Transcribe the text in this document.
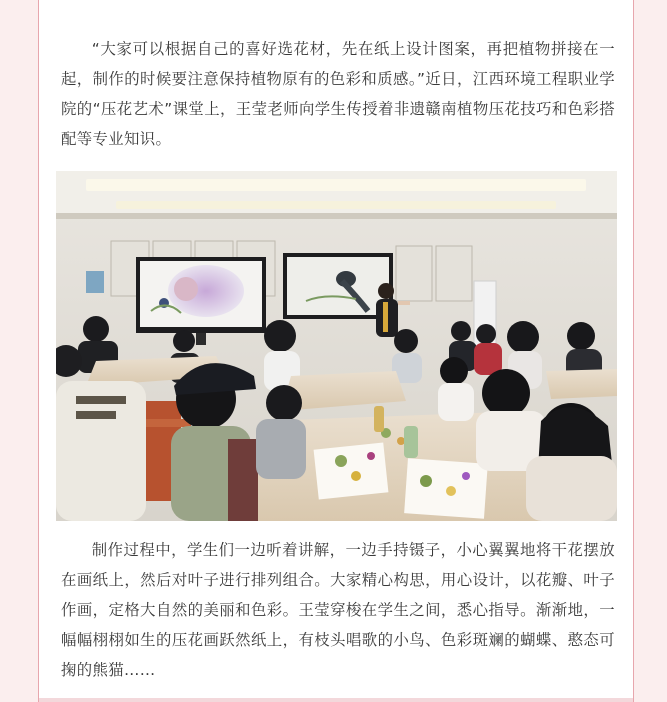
“大家可以根据自己的喜好选花材，先在纸上设计图案，再把植物拼接在一起，制作的时候要注意保持植物原有的色彩和质感。”近日，江西环境工程职业学院的“压花艺术”课堂上，王莹老师向学生传授着非遗赣南植物压花技巧和色彩搭配等专业知识。

制作过程中，学生们一边听着讲解，一边手持镊子，小心翼翼地将干花摆放在画纸上，然后对叶子进行排列组合。大家精心构思，用心设计，以花瓣、叶子作画，定格大自然的美丽和色彩。王莹穿梭在学生之间，悉心指导。渐渐地，一幅幅栩栩如生的压花画跃然纸上，有枝头唱歌的小鸟、色彩斑斓的蝴蝶、憨态可掬的熊猫……
